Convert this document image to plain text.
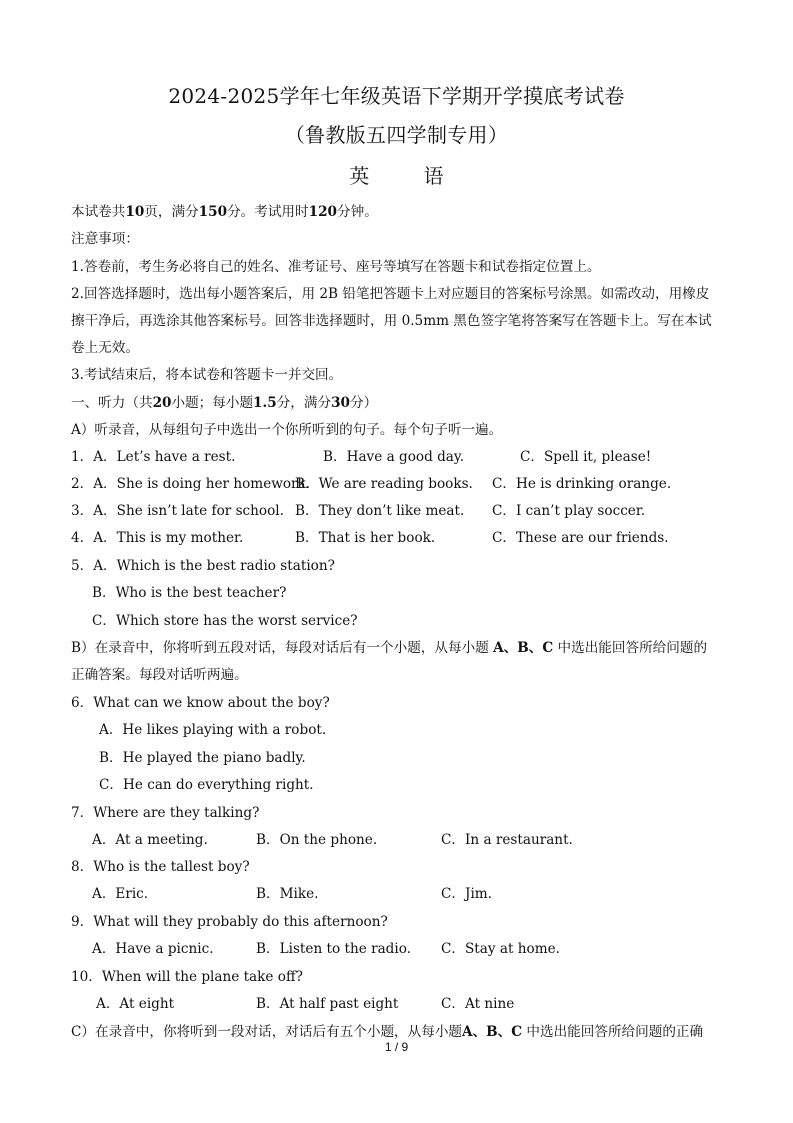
2024-2025学年七年级英语下学期开学摸底考试卷
（鲁教版五四学制专用）
英	语
本试卷共10页，满分150分。考试用时120分钟。
注意事项：
1.答卷前，考生务必将自己的姓名、准考证号、座号等填写在答题卡和试卷指定位置上。
2.回答选择题时，选出每小题答案后，用 2B 铅笔把答题卡上对应题目的答案标号涂黑。如需改动，用橡皮
擦干净后，再选涂其他答案标号。回答非选择题时，用 0.5mm 黑色签字笔将答案写在答题卡上。写在本试
卷上无效。
3.考试结束后，将本试卷和答题卡一并交回。
一、听力（共20小题；每小题1.5分，满分30分）
A）听录音，从每组句子中选出一个你所听到的句子。每个句子听一遍。
1．A．Let’s have a rest.	B．Have a good day.	C．Spell it, please!
2．A．She is doing her homework.
B．We are reading books. C．He is drinking orange.
3．A．She isn’t late for school. B．They don’t like meat. C．I can’t play soccer.
4．A．This is my mother.	B．That is her book.	C．These are our friends.
5．A．Which is the best radio station?
B．Who is the best teacher?
C．Which store has the worst service?
B）在录音中，你将听到五段对话，每段对话后有一个小题，从每小题 A、B、C 中选出能回答所给问题的
正确答案。每段对话听两遍。
6．What can we know about the boy?
A．He likes playing with a robot.
B．He played the piano badly.
C．He can do everything right.
7．Where are they talking?
A．At a meeting.	B．On the phone.	C．In a restaurant.
8．Who is the tallest boy?
A．Eric.	B．Mike.	C．Jim.
9．What will they probably do this afternoon?
A．Have a picnic.	B．Listen to the radio. C．Stay at home.
10．When will the plane take off?
A．At eight	B．At half past eight	C．At nine
C）在录音中，你将听到一段对话，对话后有五个小题，从每小题A、B、C 中选出能回答所给问题的正确
1 / 9
